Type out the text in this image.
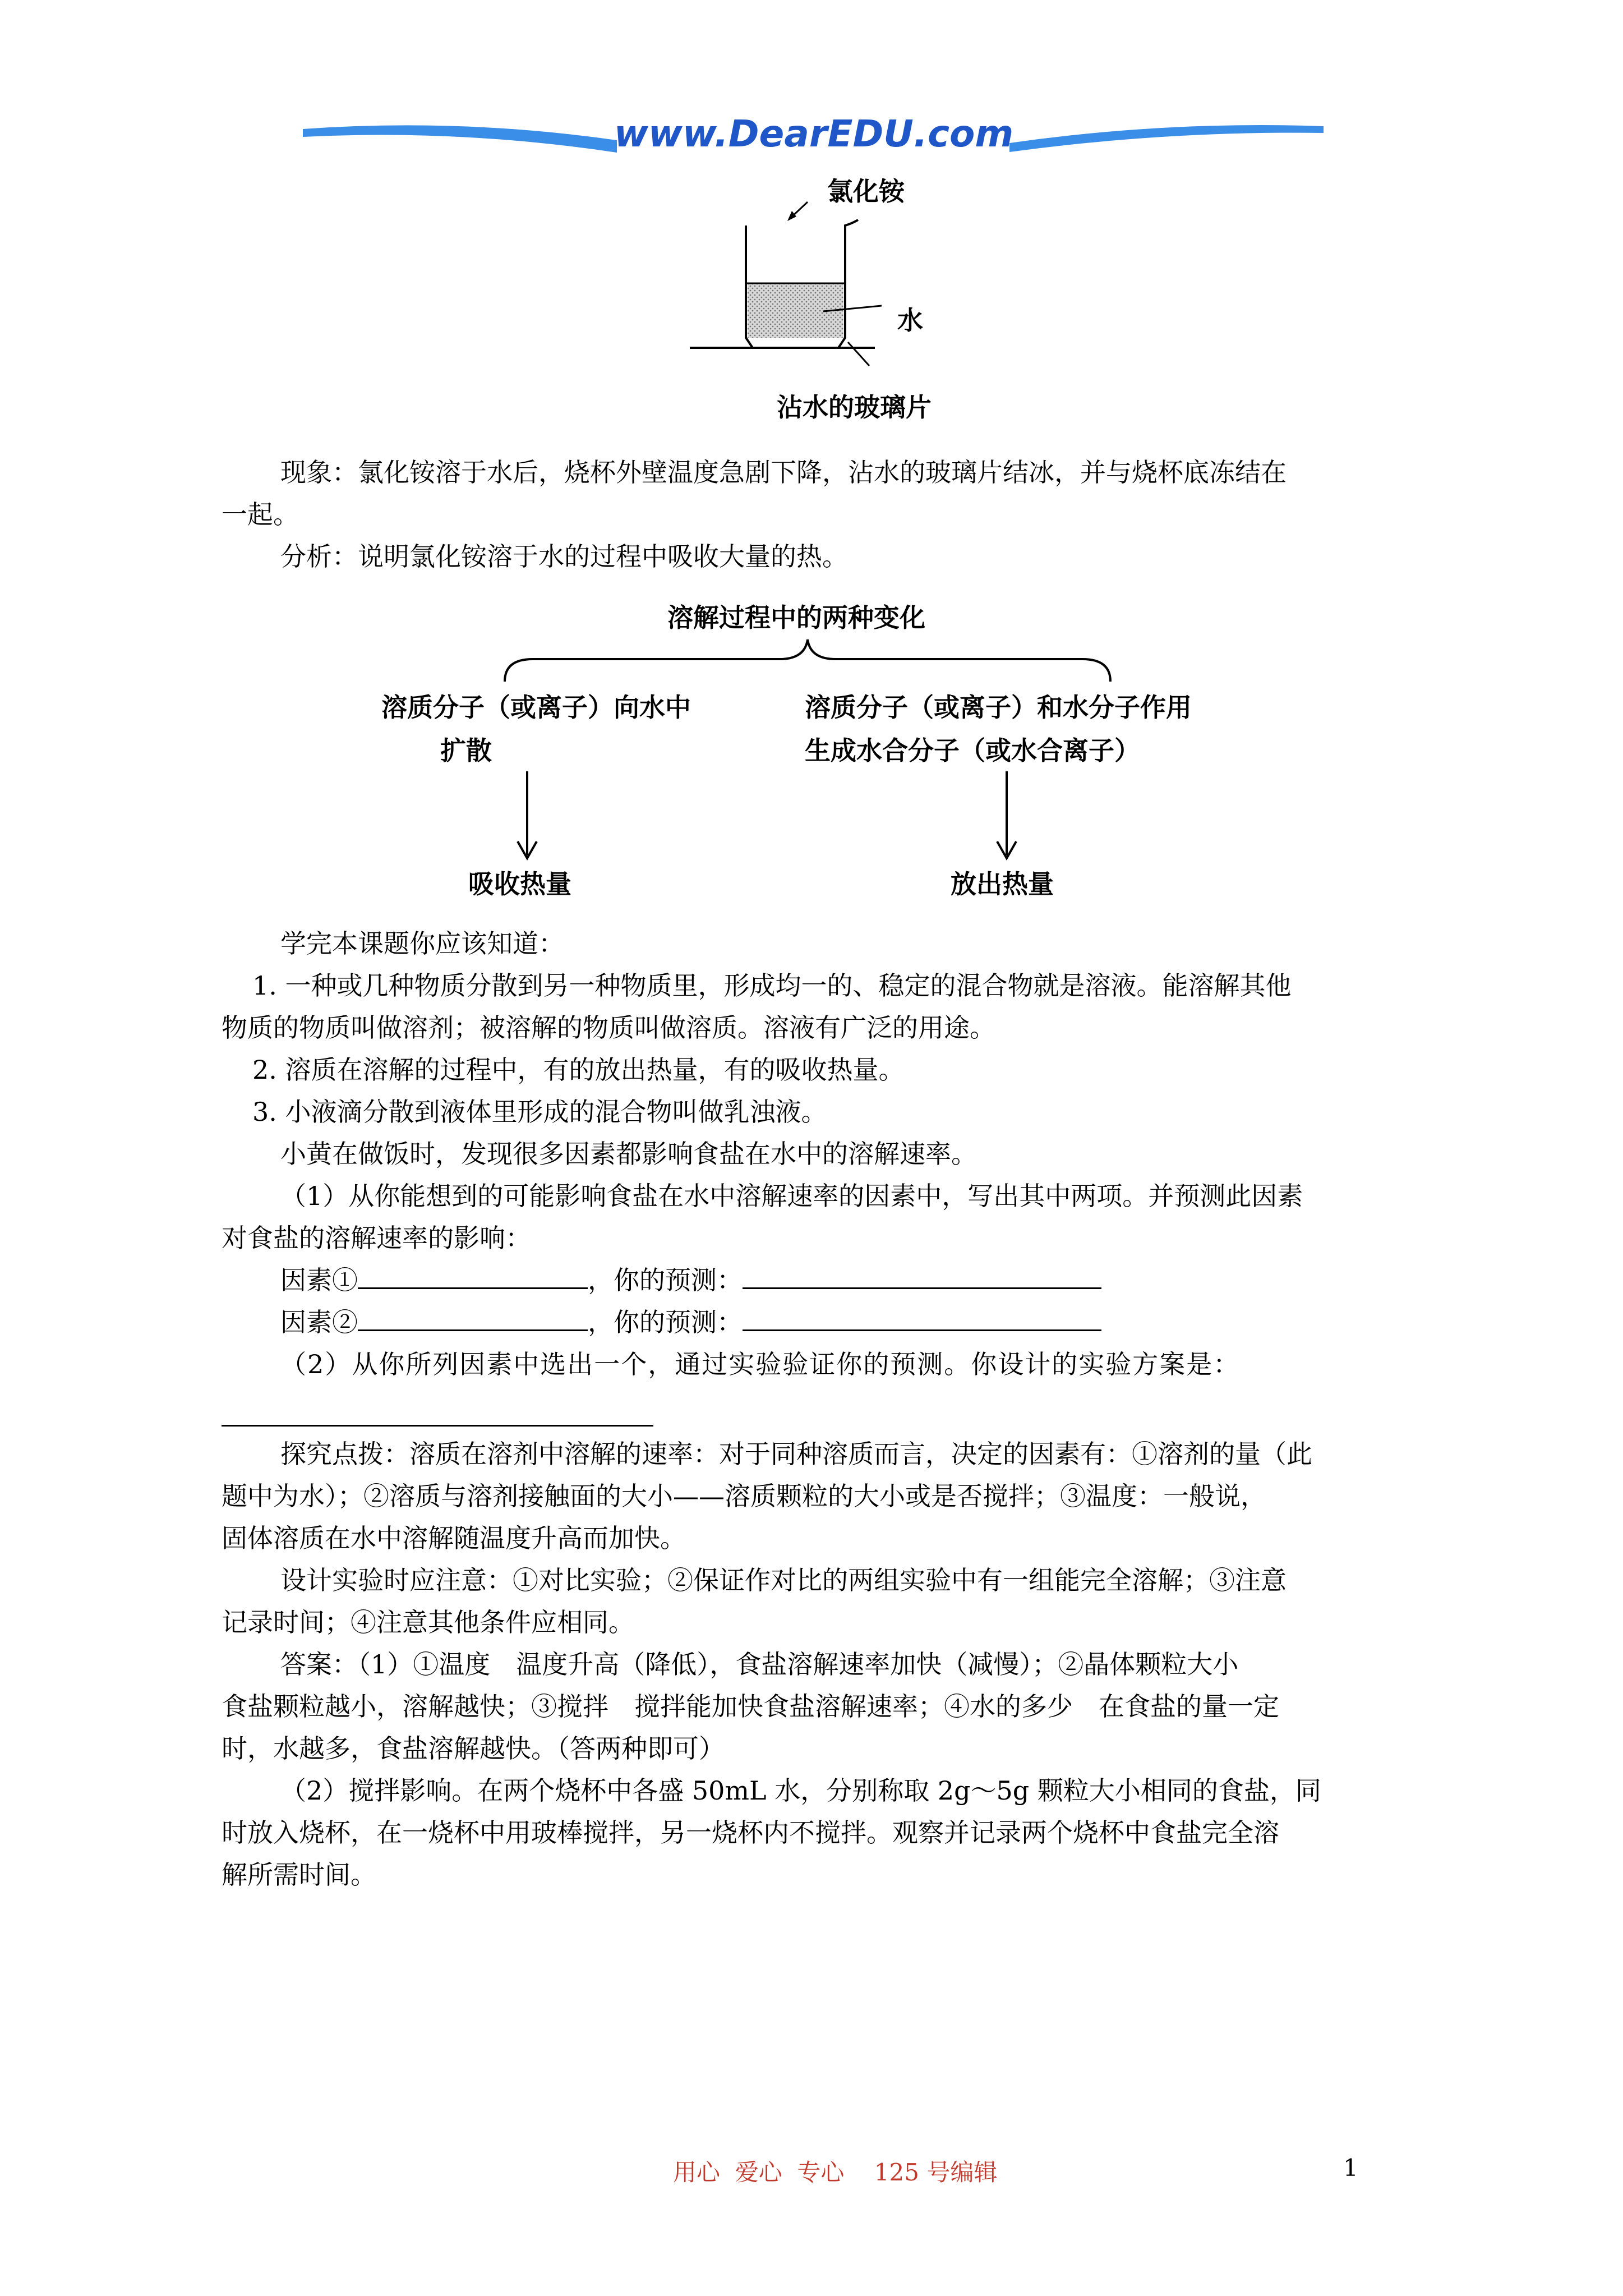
www.DearEDU.com
氯化铵
水
沾水的玻璃片
现象：氯化铵溶于水后，烧杯外壁温度急剧下降，沾水的玻璃片结冰，并与烧杯底冻结在
一起。
分析：说明氯化铵溶于水的过程中吸收大量的热。
溶解过程中的两种变化
溶质分子（或离子）向水中
扩散
溶质分子（或离子）和水分子作用
生成水合分子（或水合离子）
吸收热量	放出热量
学完本课题你应该知道：
1. 一种或几种物质分散到另一种物质里，形成均一的、稳定的混合物就是溶液。能溶解其他
物质的物质叫做溶剂；被溶解的物质叫做溶质。溶液有广泛的用途。
2. 溶质在溶解的过程中，有的放出热量，有的吸收热量。
3. 小液滴分散到液体里形成的混合物叫做乳浊液。
小黄在做饭时，发现很多因素都影响食盐在水中的溶解速率。
（1）从你能想到的可能影响食盐在水中溶解速率的因素中，写出其中两项。并预测此因素
对食盐的溶解速率的影响：
因素①	，你的预测：
因素②	，你的预测：
（2）从你所列因素中选出一个，通过实验验证你的预测。你设计的实验方案是：
探究点拨：溶质在溶剂中溶解的速率：对于同种溶质而言，决定的因素有：①溶剂的量（此
题中为水）；②溶质与溶剂接触面的大小——溶质颗粒的大小或是否搅拌；③温度：一般说，
固体溶质在水中溶解随温度升高而加快。
设计实验时应注意：①对比实验；②保证作对比的两组实验中有一组能完全溶解；③注意
记录时间；④注意其他条件应相同。
答案：（1）①温度　温度升高（降低），食盐溶解速率加快（减慢）；②晶体颗粒大小
食盐颗粒越小，溶解越快；③搅拌　搅拌能加快食盐溶解速率；④水的多少　在食盐的量一定
时，水越多，食盐溶解越快。（答两种即可）
（2）搅拌影响。在两个烧杯中各盛 50mL 水，分别称取 2g～5g 颗粒大小相同的食盐，同
时放入烧杯，在一烧杯中用玻棒搅拌，另一烧杯内不搅拌。观察并记录两个烧杯中食盐完全溶
解所需时间。
用心  爱心  专心    125 号编辑	1
